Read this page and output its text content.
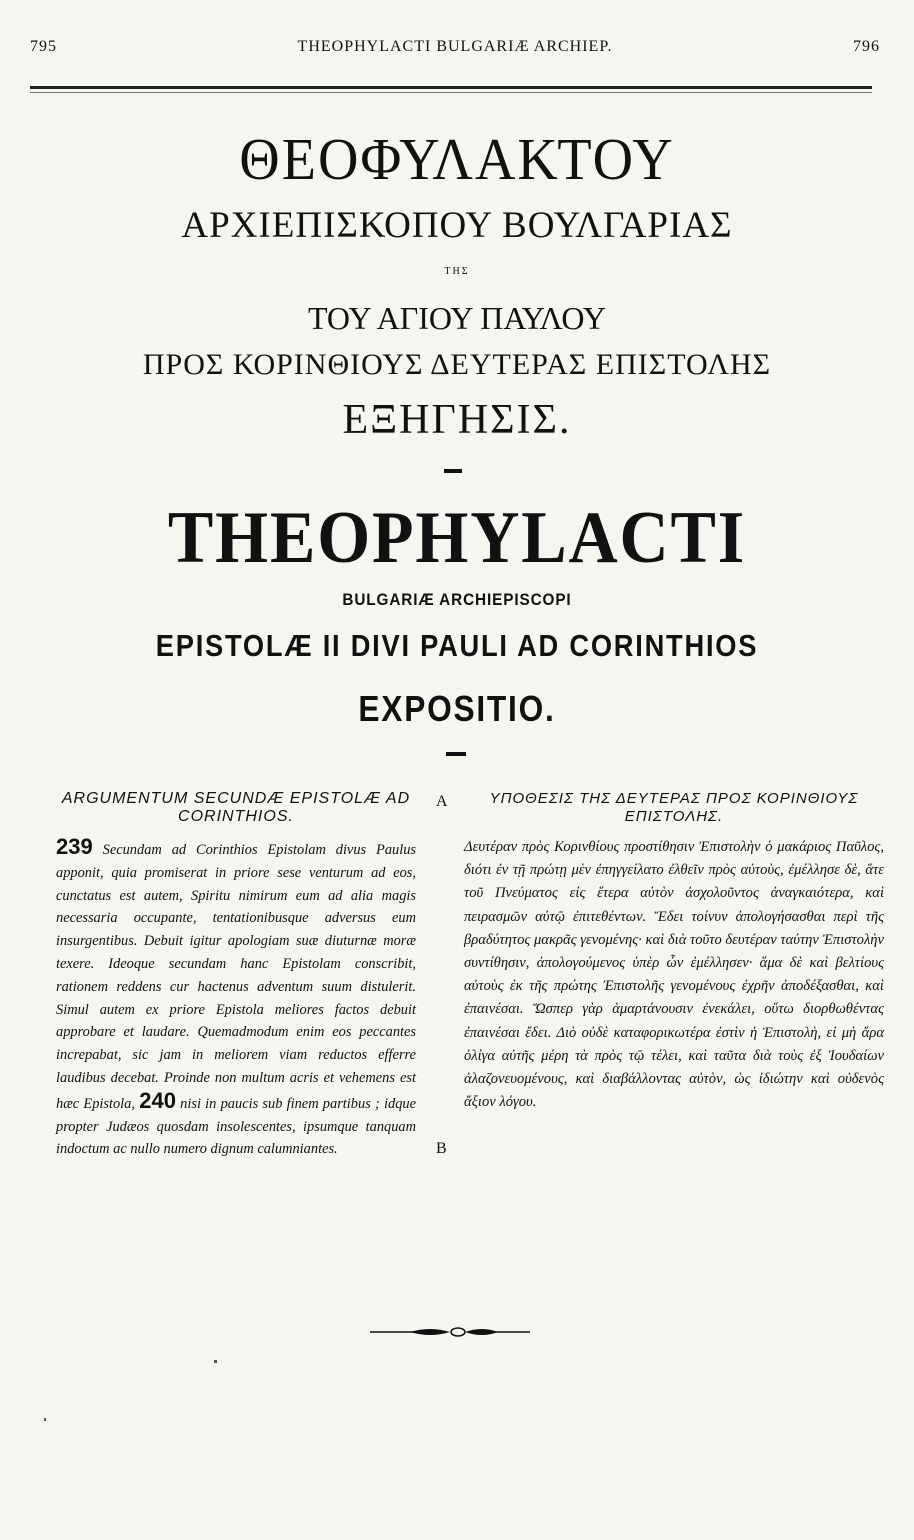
795	THEOPHYLACTI BULGARIÆ ARCHIEP.	796
ΘΕΟΦΥΛΑΚΤΟΥ
ΑΡΧΙΕΠΙΣΚΟΠΟΥ ΒΟΥΛΓΑΡΙΑΣ
ΤΗΣ
ΤΟΥ ΑΓΙΟΥ ΠΑΥΛΟΥ
ΠΡΟΣ ΚΟΡΙΝΘΙΟΥΣ ΔΕΥΤΕΡΑΣ ΕΠΙΣΤΟΛΗΣ
ΕΞΗΓΗΣΙΣ.
THEOPHYLACTI
BULGARIÆ ARCHIEPISCOPI
EPISTOLÆ II DIVI PAULI AD CORINTHIOS
EXPOSITIO.

ARGUMENTUM SECUNDÆ EPISTOLÆ AD CORINTHIOS.

239 Secundam ad Corinthios Epistolam divus Paulus apponit, quia promiserat in priore sese venturum ad eos, cunctatus est autem, Spiritu nimirum eum ad alia magis necessaria occupante, tentationibusque adversus eum insurgentibus. Debuit igitur apologiam suæ diuturnæ moræ texere. Ideoque secundam hanc Epistolam conscribit, rationem reddens cur hactenus adventum suum distulerit. Simul autem ex priore Epistola meliores factos debuit approbare et laudare. Quemadmodum enim eos peccantes increpabat, sic jam in meliorem viam reductos efferre laudibus decebat. Proinde non multum acris et vehemens est hæc Epistola, 240 nisi in paucis sub finem partibus ; idque propter Judæos quosdam insolescentes, ipsumque tanquam indoctum ac nullo numero dignum calumniantes.

A
B

ΥΠΟΘΕΣΙΣ ΤΗΣ ΔΕΥΤΕΡΑΣ ΠΡΟΣ ΚΟΡΙΝΘΙΟΥΣ ΕΠΙΣΤΟΛΗΣ.

Δευτέραν πρὸς Κορινθίους προστίθησιν Ἐπιστολὴν ὁ μακάριος Παῦλος, διότι ἐν τῇ πρώτῃ μὲν ἐπηγγείλατο ἐλθεῖν πρὸς αὐτοὺς, ἐμέλλησε δὲ, ἅτε τοῦ Πνεύματος εἰς ἕτερα αὐτὸν ἀσχολοῦντος ἀναγκαιότερα, καὶ πειρασμῶν αὐτῷ ἐπιτεθέντων. Ἔδει τοίνυν ἀπολογήσασθαι περὶ τῆς βραδύτητος μακρᾶς γενομένης· καὶ διὰ τοῦτο δευτέραν ταύτην Ἐπιστολὴν συντίθησιν, ἀπολογούμενος ὑπὲρ ὧν ἐμέλλησεν· ἅμα δὲ καὶ βελτίους αὐτοὺς ἐκ τῆς πρώτης Ἐπιστολῆς γενομένους ἐχρῆν ἀποδέξασθαι, καὶ ἐπαινέσαι. Ὥσπερ γὰρ ἁμαρτάνουσιν ἐνεκάλει, οὕτω διορθωθέντας ἐπαινέσαι ἔδει. Διὸ οὐδὲ καταφορικωτέρα ἐστὶν ἡ Ἐπιστολὴ, εἰ μὴ ἄρα ὀλίγα αὐτῆς μέρη τὰ πρὸς τῷ τέλει, καὶ ταῦτα διὰ τοὺς ἐξ Ἰουδαίων ἀλαζονευομένους, καὶ διαβάλλοντας αὐτὸν, ὡς ἰδιώτην καὶ οὐδενὸς ἄξιον λόγου.
